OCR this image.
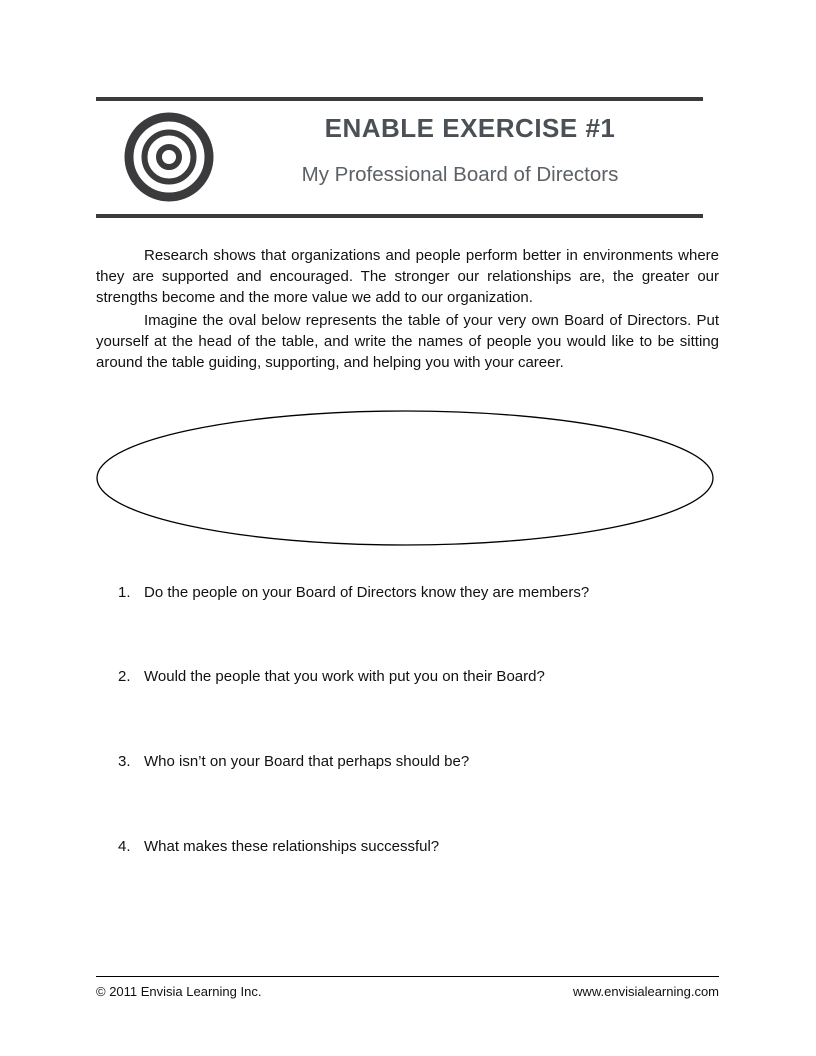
ENABLE EXERCISE #1
My Professional Board of Directors

Research shows that organizations and people perform better in environments where they are supported and encouraged. The stronger our relationships are, the greater our strengths become and the more value we add to our organization.

Imagine the oval below represents the table of your very own Board of Directors. Put yourself at the head of the table, and write the names of people you would like to be sitting around the table guiding, supporting, and helping you with your career.

1. Do the people on your Board of Directors know they are members?
2. Would the people that you work with put you on their Board?
3. Who isn’t on your Board that perhaps should be?
4. What makes these relationships successful?
© 2011 Envisia Learning Inc.	www.envisialearning.com
